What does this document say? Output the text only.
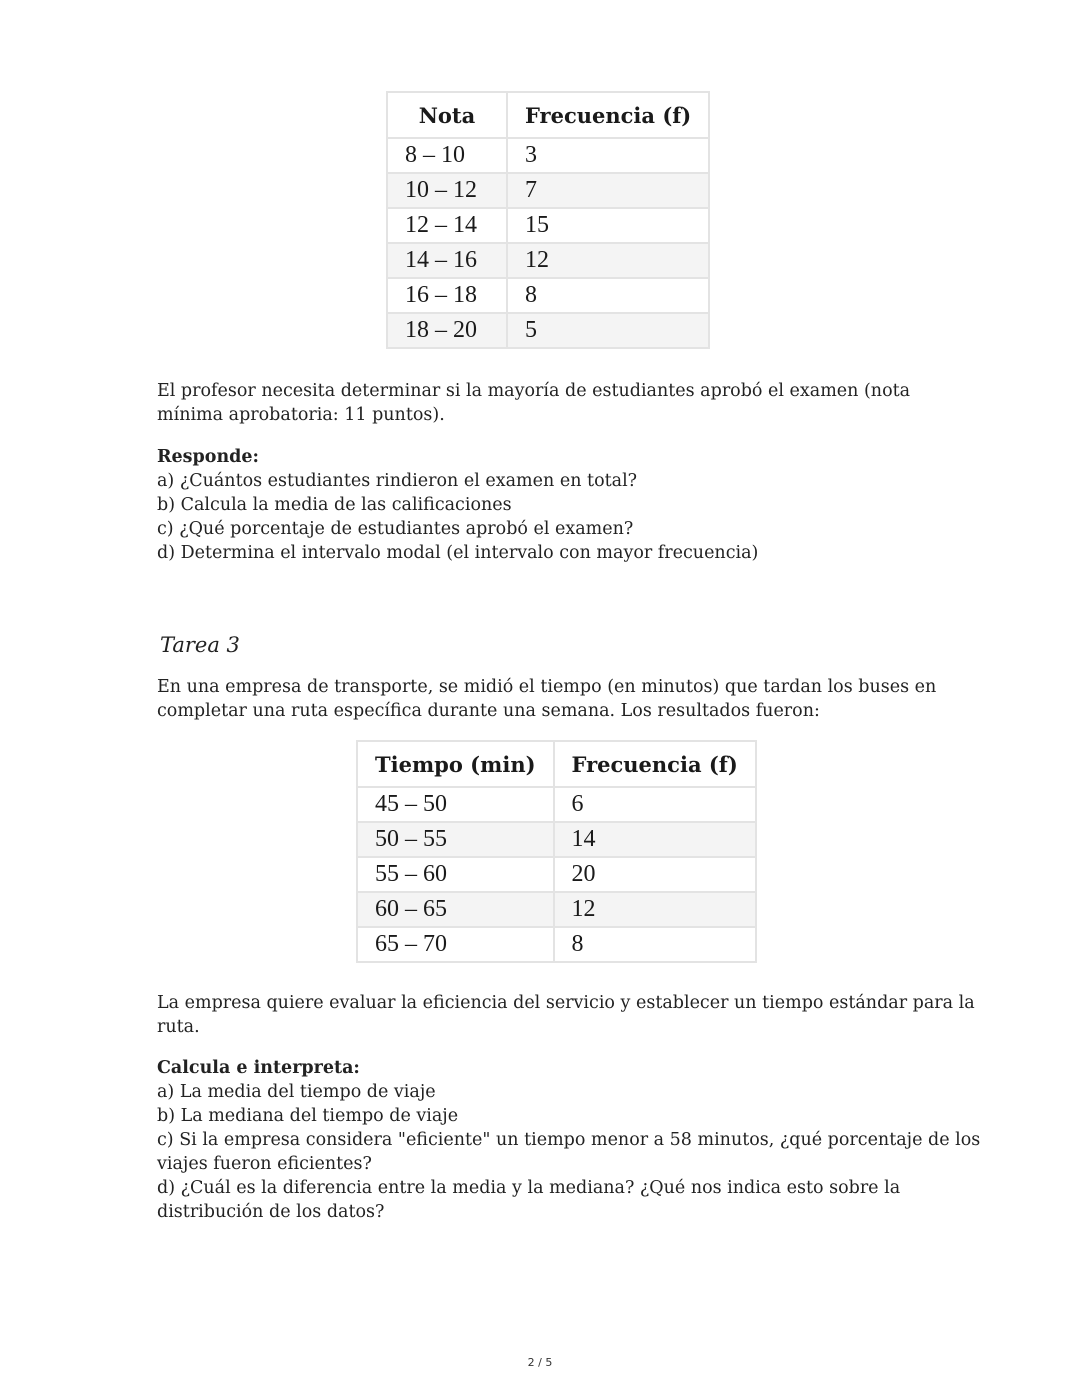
Nota	Frecuencia (f)
8 – 10	3
10 – 12	7
12 – 14	15
14 – 16	12
16 – 18	8
18 – 20	5

El profesor necesita determinar si la mayoría de estudiantes aprobó el examen (nota
mínima aprobatoria: 11 puntos).

Responde:
a) ¿Cuántos estudiantes rindieron el examen en total?
b) Calcula la media de las calificaciones
c) ¿Qué porcentaje de estudiantes aprobó el examen?
d) Determina el intervalo modal (el intervalo con mayor frecuencia)

Tarea 3

En una empresa de transporte, se midió el tiempo (en minutos) que tardan los buses en
completar una ruta específica durante una semana. Los resultados fueron:

Tiempo (min)	Frecuencia (f)
45 – 50	6
50 – 55	14
55 – 60	20
60 – 65	12
65 – 70	8

La empresa quiere evaluar la eficiencia del servicio y establecer un tiempo estándar para la
ruta.

Calcula e interpreta:
a) La media del tiempo de viaje
b) La mediana del tiempo de viaje
c) Si la empresa considera "eficiente" un tiempo menor a 58 minutos, ¿qué porcentaje de los
viajes fueron eficientes?
d) ¿Cuál es la diferencia entre la media y la mediana? ¿Qué nos indica esto sobre la
distribución de los datos?

2 / 5
